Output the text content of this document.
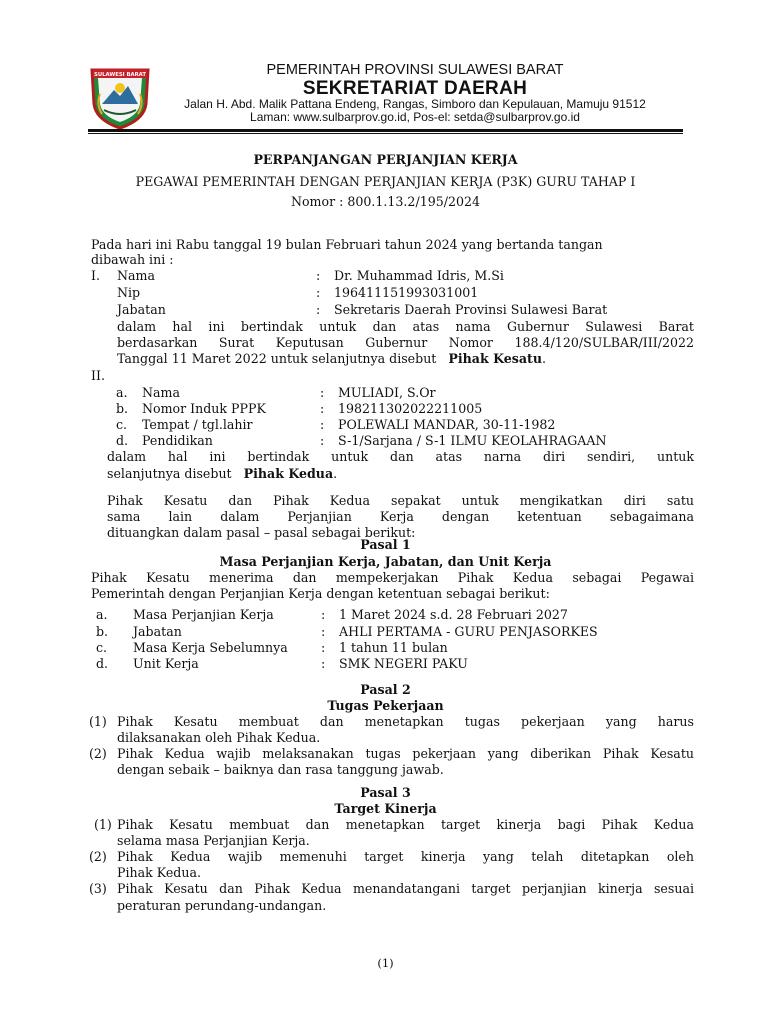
SULAWESI BARAT	PEMERINTAH PROVINSI SULAWESI BARAT
SEKRETARIAT DAERAH
Jalan H. Abd. Malik Pattana Endeng, Rangas, Simboro dan Kepulauan, Mamuju 91512
Laman: www.sulbarprov.go.id, Pos-el: setda@sulbarprov.go.id
PERPANJANGAN PERJANJIAN KERJA
PEGAWAI PEMERINTAH DENGAN PERJANJIAN KERJA (P3K) GURU TAHAP I
Nomor : 800.1.13.2/195/2024
Pada hari ini Rabu tanggal 19 bulan Februari tahun 2024 yang bertanda tangan
dibawah ini :
I. Nama	: Dr. Muhammad Idris, M.Si
Nip	: 196411151993031001
Jabatan	: Sekretaris Daerah Provinsi Sulawesi Barat
dalam hal ini bertindak untuk dan atas nama Gubernur Sulawesi Barat
berdasarkan Surat Keputusan Gubernur Nomor 188.4/120/SULBAR/III/2022
Tanggal 11 Maret 2022 untuk selanjutnya disebut Pihak Kesatu.
II.
a. Nama	: MULIADI, S.Or
b. Nomor Induk PPPK	: 198211302022211005
c. Tempat / tgl.lahir	: POLEWALI MANDAR, 30-11-1982
d. Pendidikan	: S-1/Sarjana / S-1 ILMU KEOLAHRAGAAN
dalam hal ini bertindak untuk dan atas narna diri sendiri, untuk
selanjutnya disebut Pihak Kedua.
Pihak Kesatu dan Pihak Kedua sepakat untuk mengikatkan diri satu
sama lain dalam Perjanjian Kerja dengan ketentuan sebagaimana
dituangkan dalam pasal – pasal sebagai berikut:
Pasal 1
Masa Perjanjian Kerja, Jabatan, dan Unit Kerja
Pihak Kesatu menerima dan mempekerjakan Pihak Kedua sebagai Pegawai
Pemerintah dengan Perjanjian Kerja dengan ketentuan sebagai berikut:
a. Masa Perjanjian Kerja	: 1 Maret 2024 s.d. 28 Februari 2027
b. Jabatan	: AHLI PERTAMA - GURU PENJASORKES
c. Masa Kerja Sebelumnya	: 1 tahun 11 bulan
d. Unit Kerja	: SMK NEGERI PAKU
Pasal 2
Tugas Pekerjaan
(1) Pihak Kesatu membuat dan menetapkan tugas pekerjaan yang harus
dilaksanakan oleh Pihak Kedua.
(2) Pihak Kedua wajib melaksanakan tugas pekerjaan yang diberikan Pihak Kesatu
dengan sebaik – baiknya dan rasa tanggung jawab.
Pasal 3
Target Kinerja
(1) Pihak Kesatu membuat dan menetapkan target kinerja bagi Pihak Kedua
selama masa Perjanjian Kerja.
(2) Pihak Kedua wajib memenuhi target kinerja yang telah ditetapkan oleh
Pihak Kedua.
(3) Pihak Kesatu dan Pihak Kedua menandatangani target perjanjian kinerja sesuai
peraturan perundang-undangan.
(1)
